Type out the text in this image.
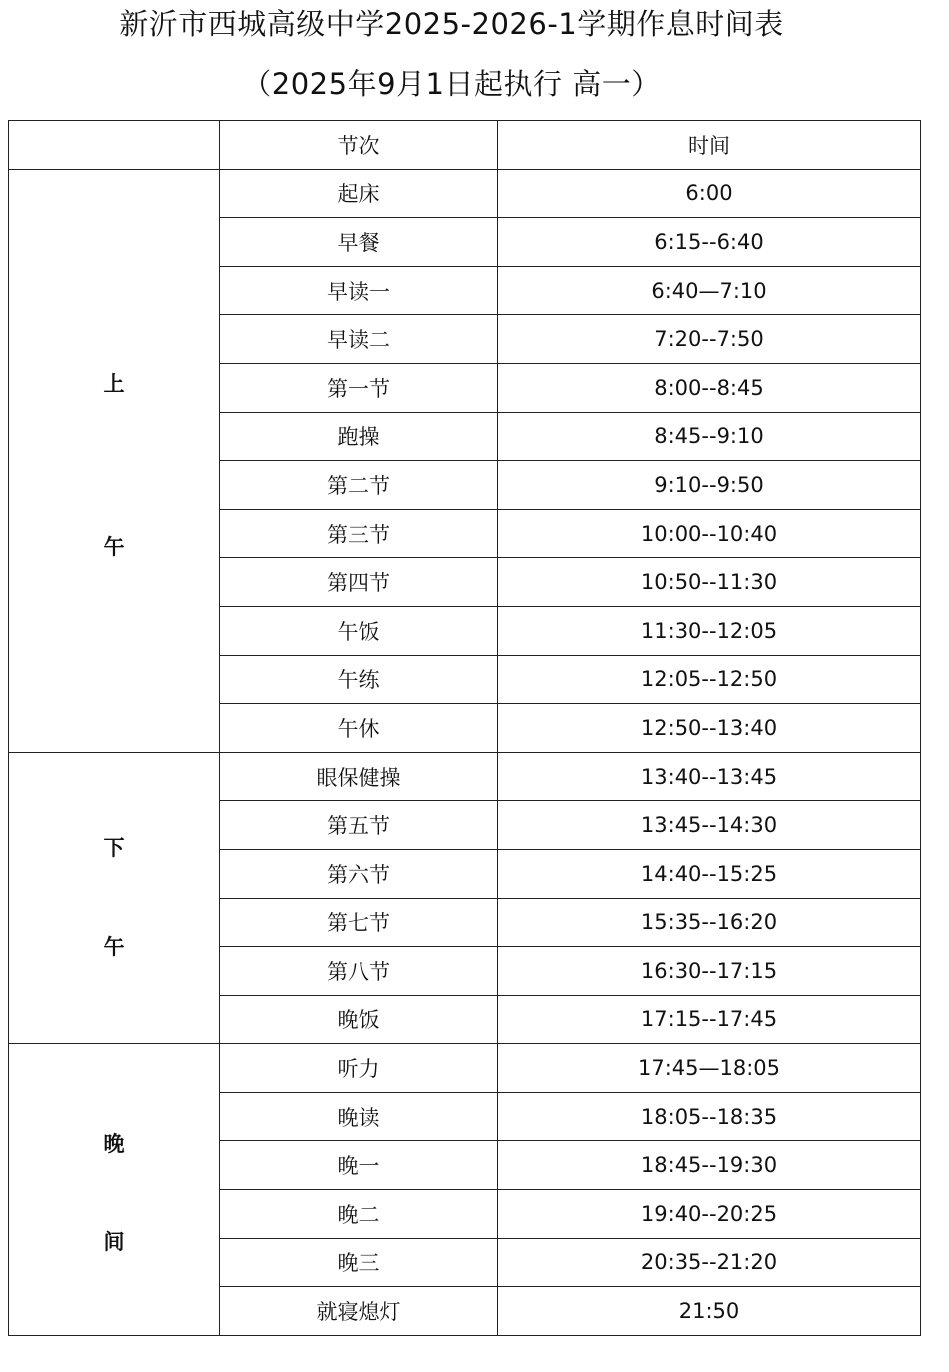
新沂市西城高级中学2025-2026-1学期作息时间表
（2025年9月1日起执行 高一）
	节次	时间

上
午	起床	6:00
	早餐	6:15--6:40
	早读一	6:40—7:10
	早读二	7:20--7:50
	第一节	8:00--8:45
	跑操	8:45--9:10
	第二节	9:10--9:50
	第三节	10:00--10:40
	第四节	10:50--11:30
	午饭	11:30--12:05
	午练	12:05--12:50
	午休	12:50--13:40

下
午	眼保健操	13:40--13:45
	第五节	13:45--14:30
	第六节	14:40--15:25
	第七节	15:35--16:20
	第八节	16:30--17:15
	晚饭	17:15--17:45

晚
间	听力	17:45—18:05
	晚读	18:05--18:35
	晚一	18:45--19:30
	晚二	19:40--20:25
	晚三	20:35--21:20
	就寝熄灯	21:50
